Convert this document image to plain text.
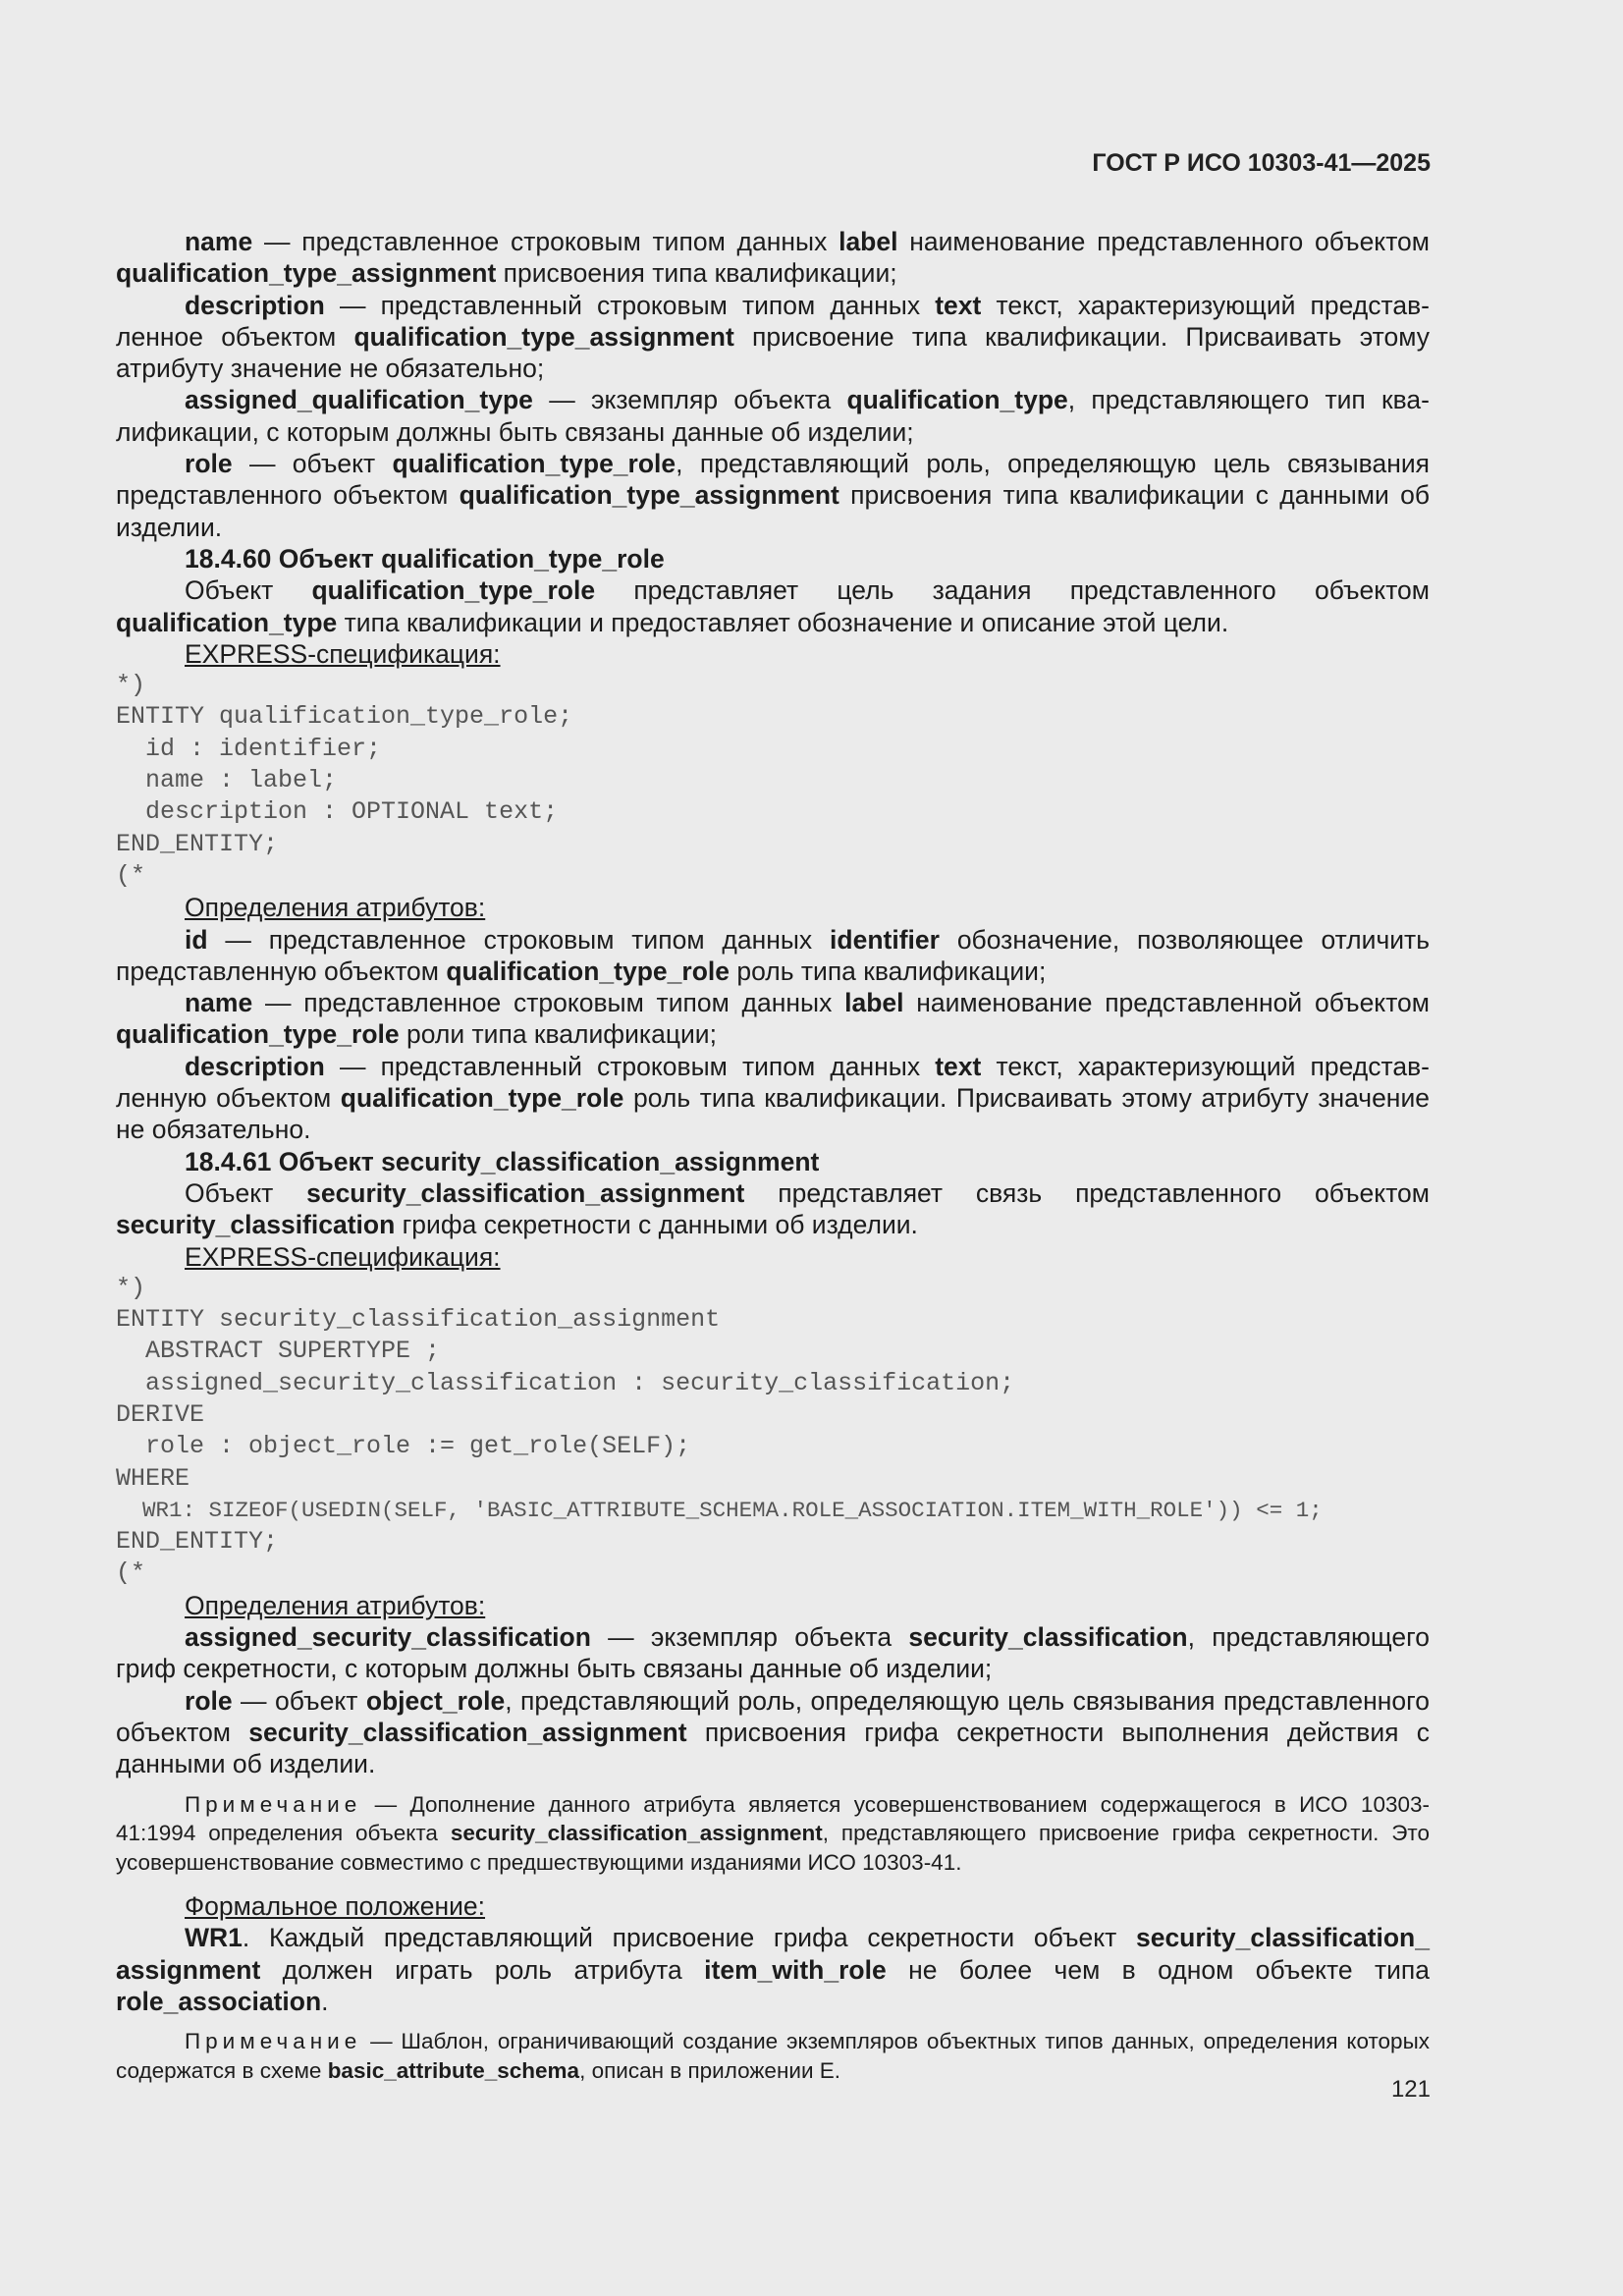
ГОСТ Р ИСО 10303-41—2025

name — представленное строковым типом данных label наименование представленного объектом qualification_type_assignment присвоения типа квалификации;

description — представленный строковым типом данных text текст, характеризующий представленное объектом qualification_type_assignment присвоение типа квалификации. Присваивать этому атрибуту значение не обязательно;

assigned_qualification_type — экземпляр объекта qualification_type, представляющего тип квалификации, с которым должны быть связаны данные об изделии;

role — объект qualification_type_role, представляющий роль, определяющую цель связывания представленного объектом qualification_type_assignment присвоения типа квалификации с данными об изделии.

18.4.60 Объект qualification_type_role

Объект qualification_type_role представляет цель задания представленного объектом qualification_type типа квалификации и предоставляет обозначение и описание этой цели.

EXPRESS-спецификация:

*)
ENTITY qualification_type_role;
id : identifier;
name : label;
description : OPTIONAL text;
END_ENTITY;
(*

Определения атрибутов:

id — представленное строковым типом данных identifier обозначение, позволяющее отличить представленную объектом qualification_type_role роль типа квалификации;

name — представленное строковым типом данных label наименование представленной объектом qualification_type_role роли типа квалификации;

description — представленный строковым типом данных text текст, характеризующий представленную объектом qualification_type_role роль типа квалификации. Присваивать этому атрибуту значение не обязательно.

18.4.61 Объект security_classification_assignment

Объект security_classification_assignment представляет связь представленного объектом security_classification грифа секретности с данными об изделии.

EXPRESS-спецификация:

*)
ENTITY security_classification_assignment
ABSTRACT SUPERTYPE ;
assigned_security_classification : security_classification;
DERIVE
role : object_role := get_role(SELF);
WHERE
WR1: SIZEOF(USEDIN(SELF, 'BASIC_ATTRIBUTE_SCHEMA.ROLE_ASSOCIATION.ITEM_WITH_ROLE')) <= 1;
END_ENTITY;
(*

Определения атрибутов:

assigned_security_classification — экземпляр объекта security_classification, представляющего гриф секретности, с которым должны быть связаны данные об изделии;

role — объект object_role, представляющий роль, определяющую цель связывания представленного объектом security_classification_assignment присвоения грифа секретности выполнения действия с данными об изделии.

Примечание — Дополнение данного атрибута является усовершенствованием содержащегося в ИСО 10303-41:1994 определения объекта security_classification_assignment, представляющего присвоение грифа секретности. Это усовершенствование совместимо с предшествующими изданиями ИСО 10303-41.

Формальное положение:

WR1. Каждый представляющий присвоение грифа секретности объект security_classification_ assignment должен играть роль атрибута item_with_role не более чем в одном объекте типа role_association.

Примечание — Шаблон, ограничивающий создание экземпляров объектных типов данных, определения которых содержатся в схеме basic_attribute_schema, описан в приложении Е.

121
